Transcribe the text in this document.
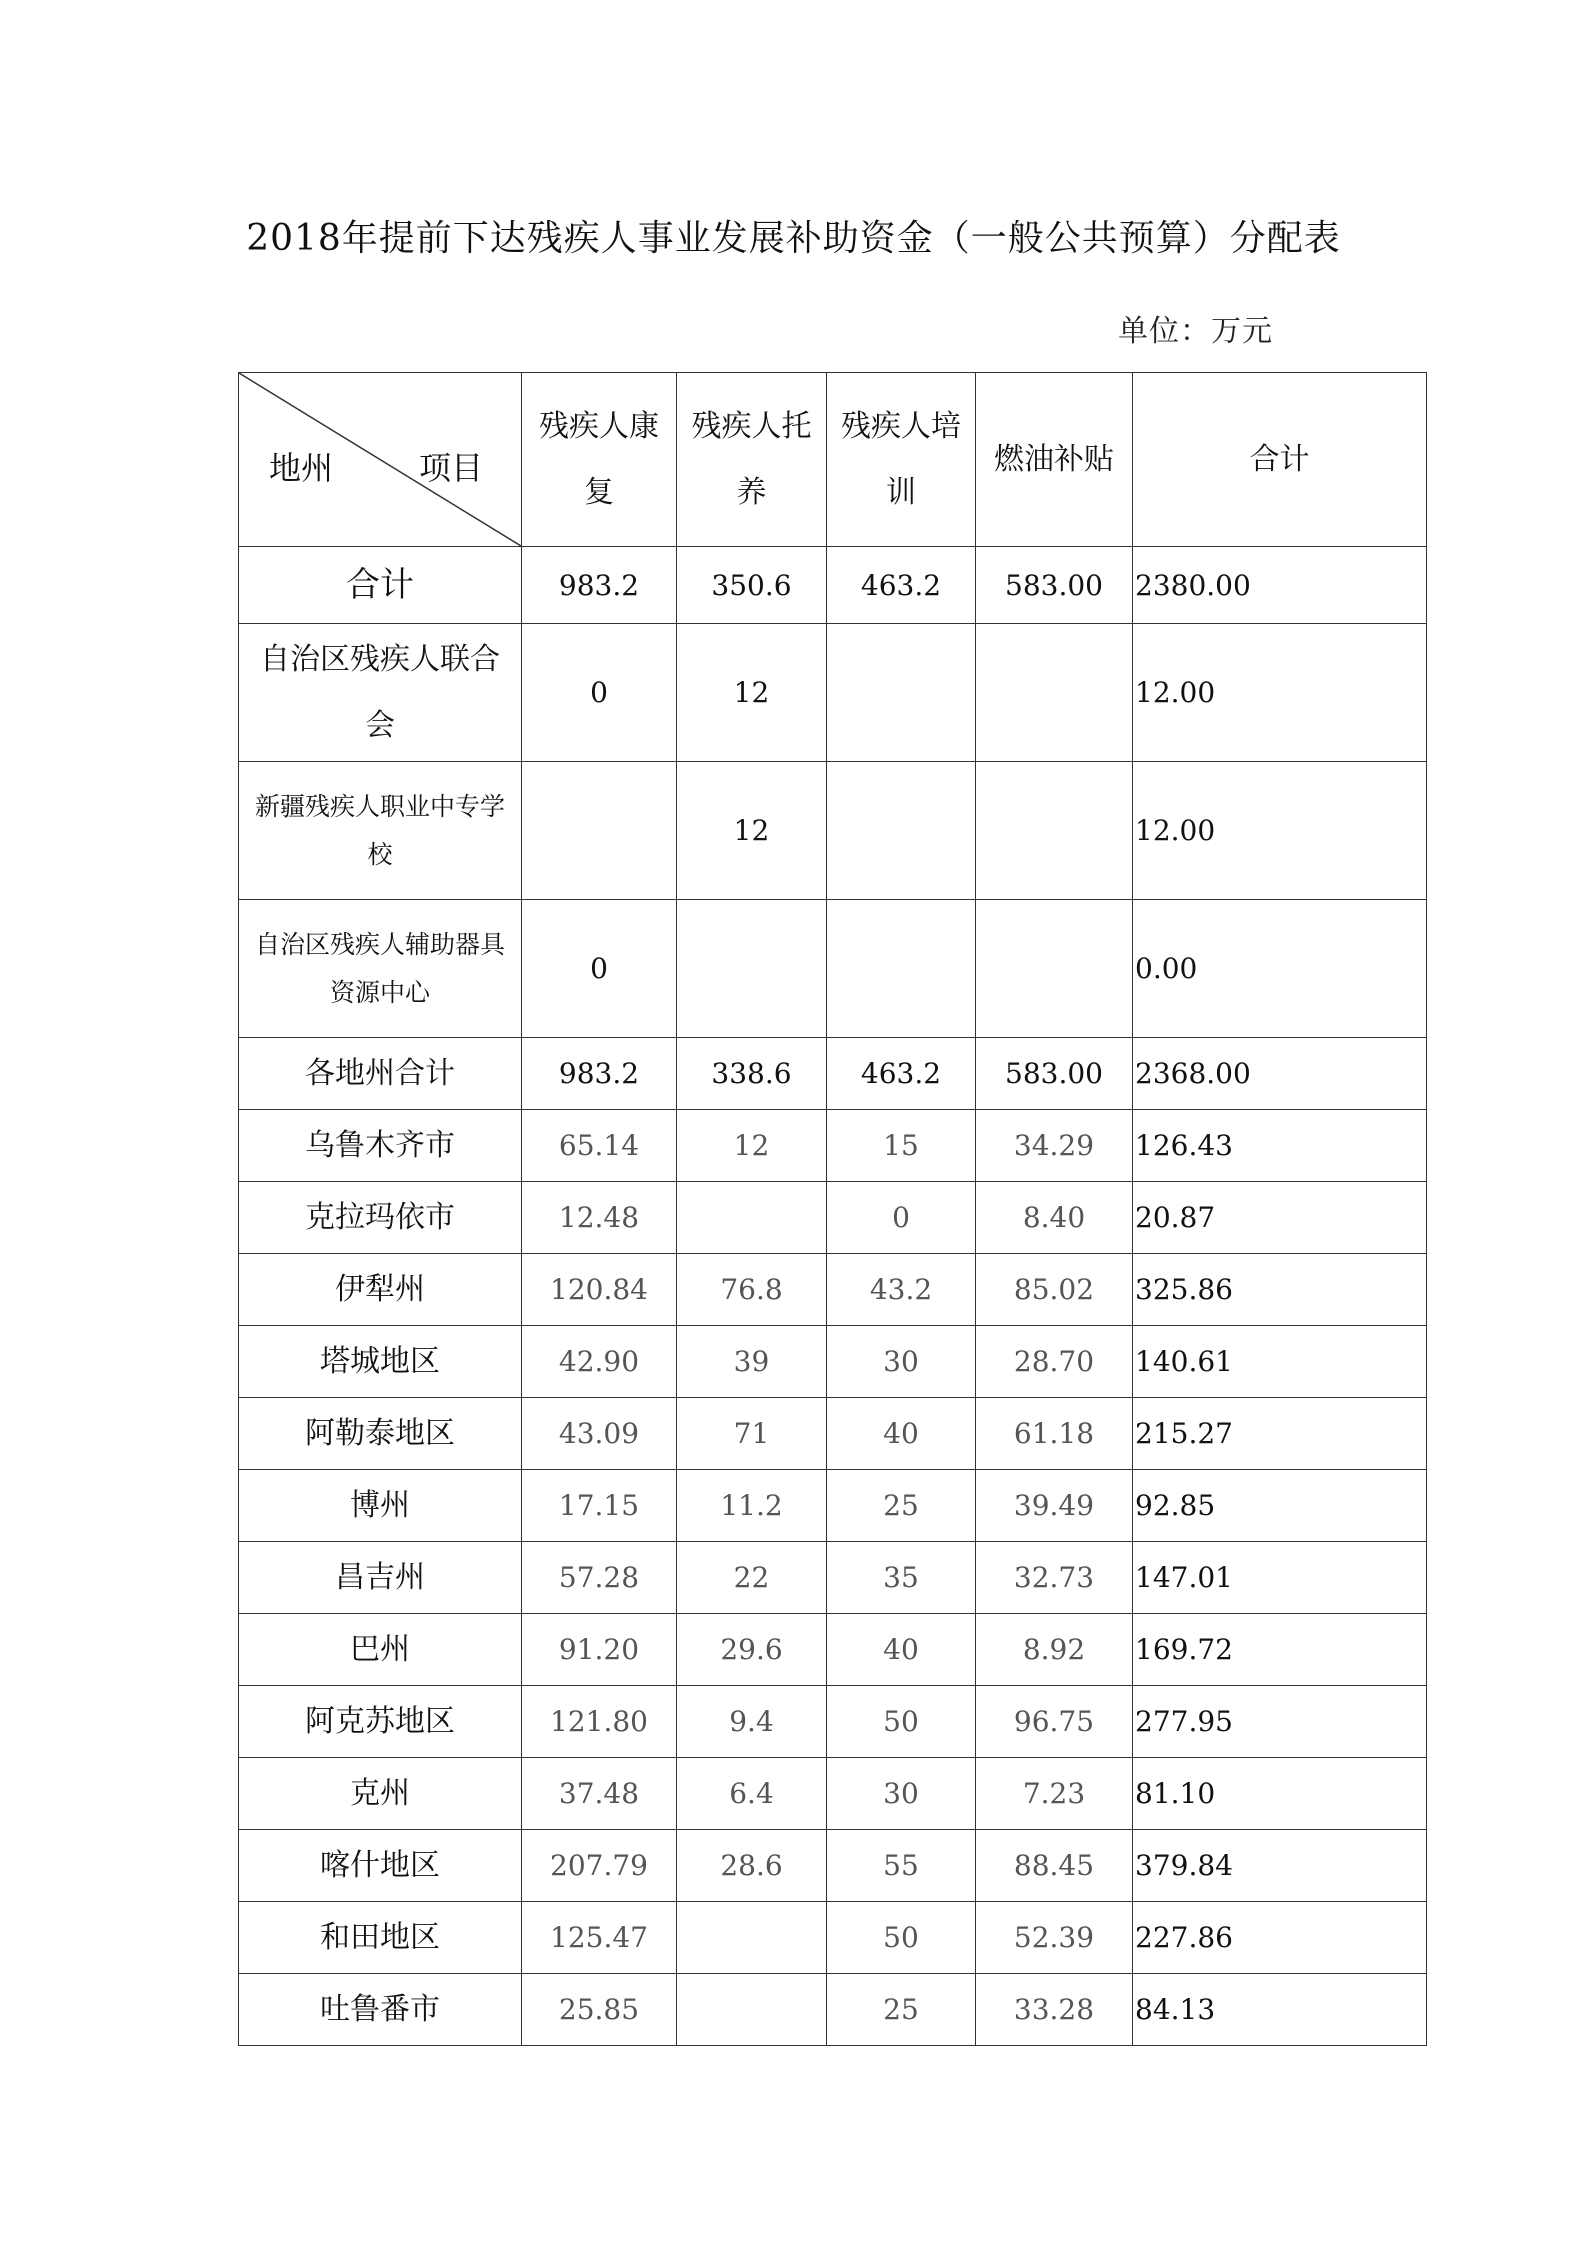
2018年提前下达残疾人事业发展补助资金（一般公共预算）分配表
单位：万元
地州 项目	残疾人康复	残疾人托养	残疾人培训	燃油补贴	合计
合计	983.2	350.6	463.2	583.00	2380.00
自治区残疾人联合会	0	12			12.00
新疆残疾人职业中专学校		12			12.00
自治区残疾人辅助器具资源中心	0				0.00
各地州合计	983.2	338.6	463.2	583.00	2368.00
乌鲁木齐市	65.14	12	15	34.29	126.43
克拉玛依市	12.48		0	8.40	20.87
伊犁州	120.84	76.8	43.2	85.02	325.86
塔城地区	42.90	39	30	28.70	140.61
阿勒泰地区	43.09	71	40	61.18	215.27
博州	17.15	11.2	25	39.49	92.85
昌吉州	57.28	22	35	32.73	147.01
巴州	91.20	29.6	40	8.92	169.72
阿克苏地区	121.80	9.4	50	96.75	277.95
克州	37.48	6.4	30	7.23	81.10
喀什地区	207.79	28.6	55	88.45	379.84
和田地区	125.47		50	52.39	227.86
吐鲁番市	25.85		25	33.28	84.13
